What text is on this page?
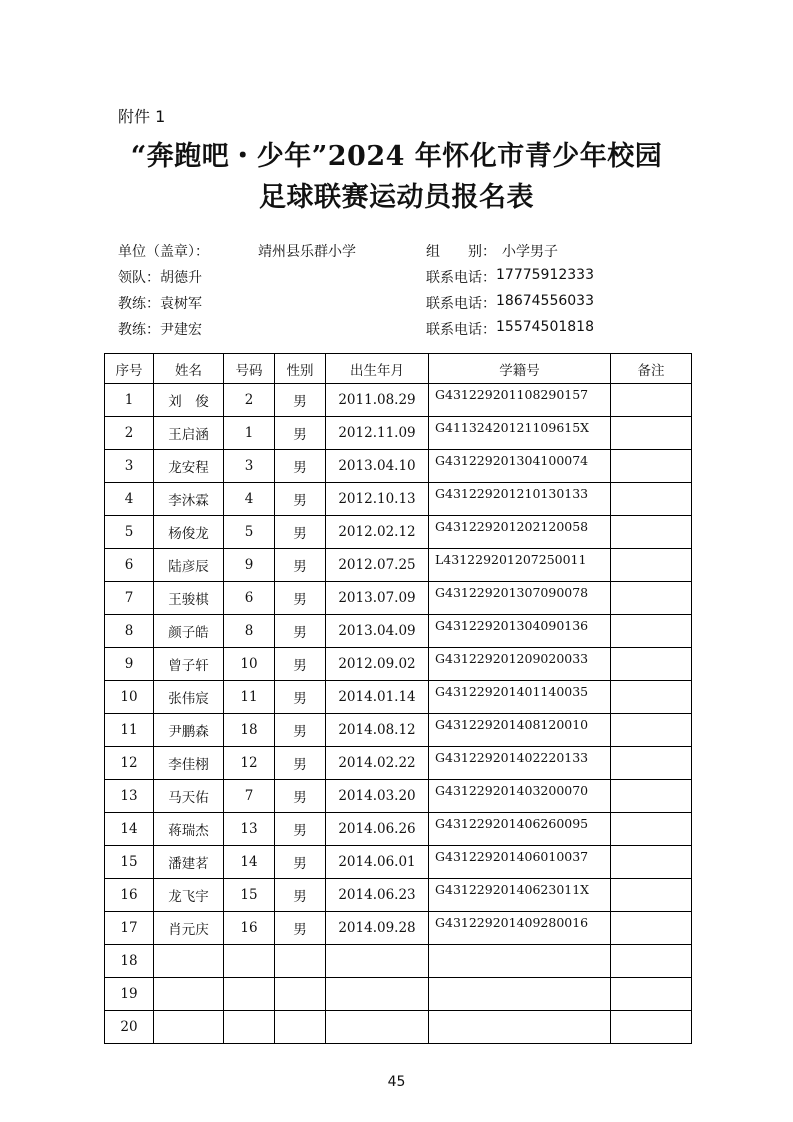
附件 1
“奔跑吧・少年”2024 年怀化市青少年校园
足球联赛运动员报名表
单位（盖章）：	靖州县乐群小学	组　　别： 小学男子
领队： 胡德升	联系电话： 17775912333
教练： 袁树军	联系电话： 18674556033
教练： 尹建宏	联系电话： 15574501818
序号	姓名	号码	性别	出生年月	学籍号	备注
1	刘　俊	2	男	2011.08.29	G431229201108290157	
2	王启涵	1	男	2012.11.09	G41132420121109615X	
3	龙安程	3	男	2013.04.10	G431229201304100074	
4	李沐霖	4	男	2012.10.13	G431229201210130133	
5	杨俊龙	5	男	2012.02.12	G431229201202120058	
6	陆彦辰	9	男	2012.07.25	L431229201207250011	
7	王骏棋	6	男	2013.07.09	G431229201307090078	
8	颜子皓	8	男	2013.04.09	G431229201304090136	
9	曾子轩	10	男	2012.09.02	G431229201209020033	
10	张伟宸	11	男	2014.01.14	G431229201401140035	
11	尹鹏森	18	男	2014.08.12	G431229201408120010	
12	李佳栩	12	男	2014.02.22	G431229201402220133	
13	马天佑	7	男	2014.03.20	G431229201403200070	
14	蒋瑞杰	13	男	2014.06.26	G431229201406260095	
15	潘建茗	14	男	2014.06.01	G431229201406010037	
16	龙飞宇	15	男	2014.06.23	G43122920140623011X	
17	肖元庆	16	男	2014.09.28	G431229201409280016	
18						
19						
20						
45
